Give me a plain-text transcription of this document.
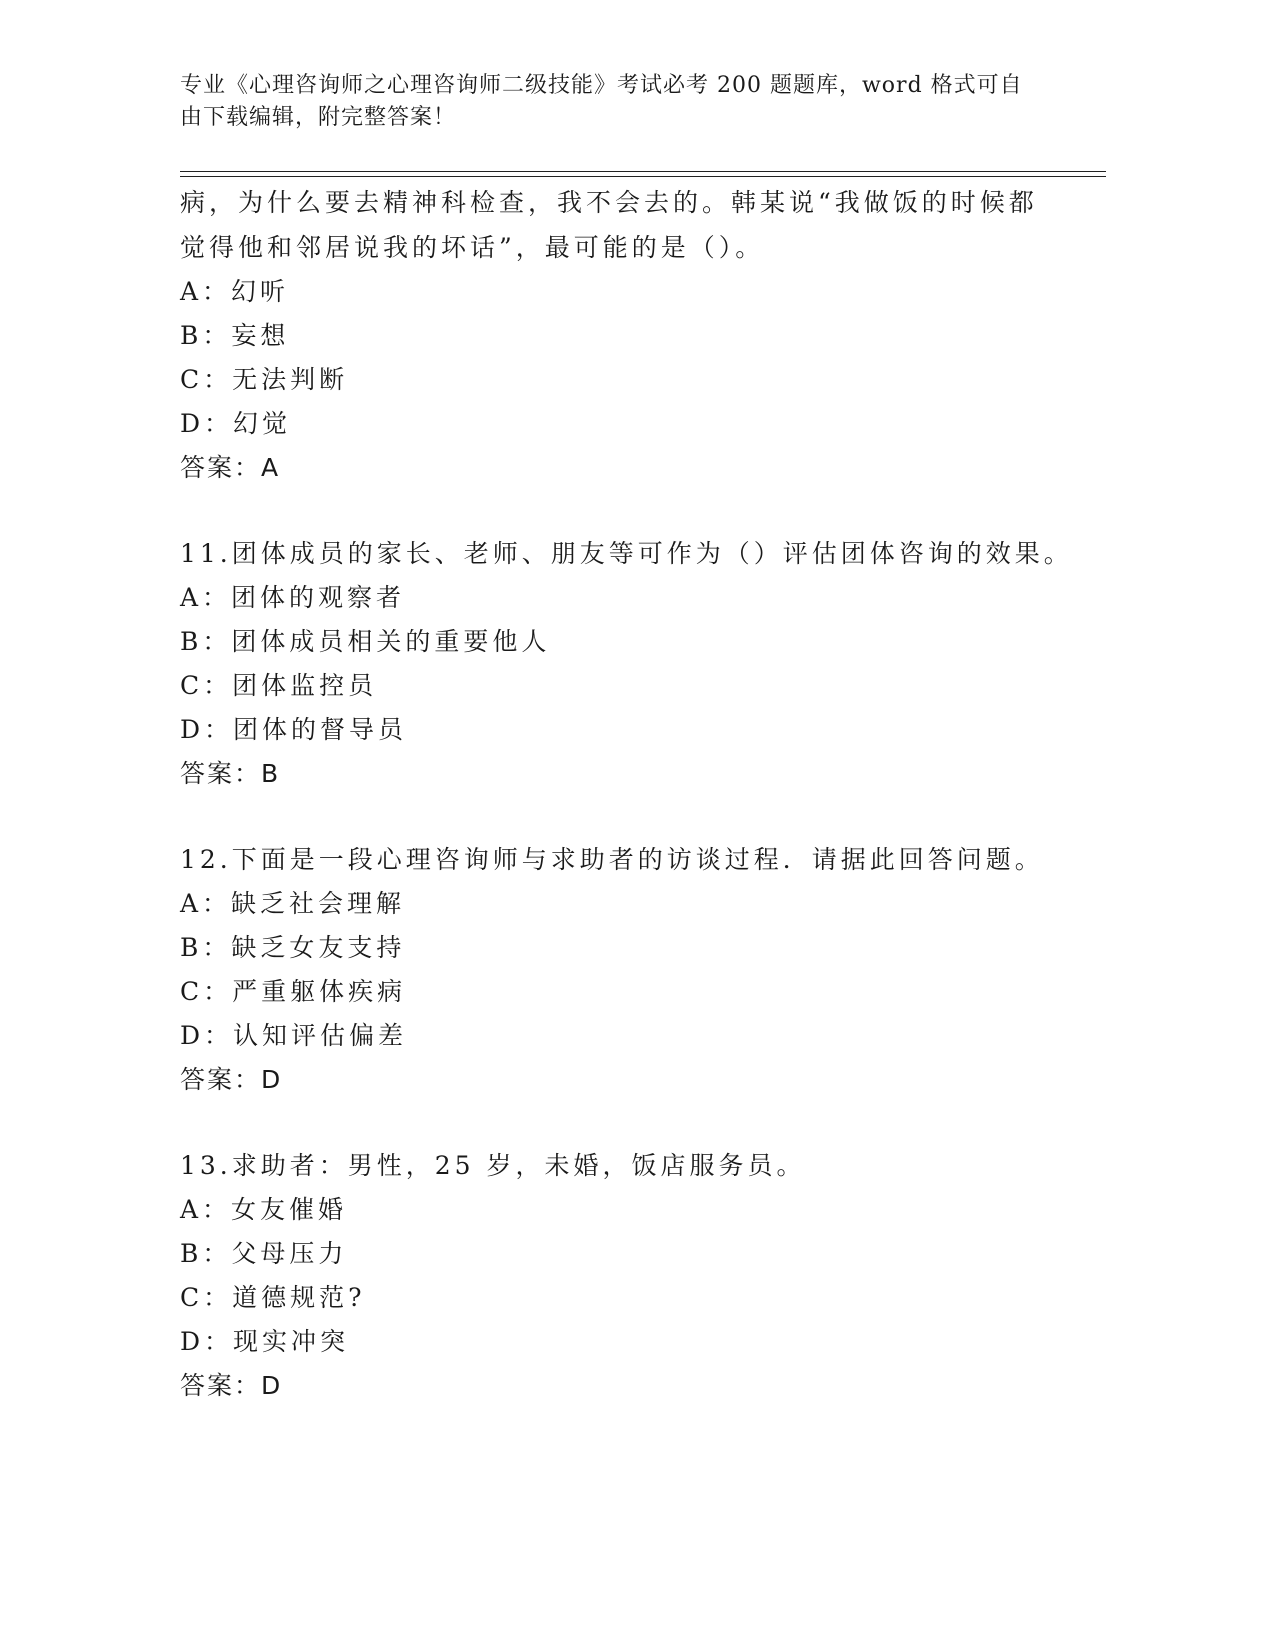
专业《心理咨询师之心理咨询师二级技能》考试必考 200 题题库，word 格式可自
由下载编辑，附完整答案！
病，为什么要去精神科检查，我不会去的。韩某说“我做饭的时候都
觉得他和邻居说我的坏话”，最可能的是（）。
A：幻听
B：妄想
C：无法判断
D：幻觉
答案：A
11.团体成员的家长、老师、朋友等可作为（）评估团体咨询的效果。
A：团体的观察者
B：团体成员相关的重要他人
C：团体监控员
D：团体的督导员
答案：B
12.下面是一段心理咨询师与求助者的访谈过程．请据此回答问题。
A：缺乏社会理解
B：缺乏女友支持
C：严重躯体疾病
D：认知评估偏差
答案：D
13.求助者：男性，25 岁，未婚，饭店服务员。
A：女友催婚
B：父母压力
C：道德规范?
D：现实冲突
答案：D
